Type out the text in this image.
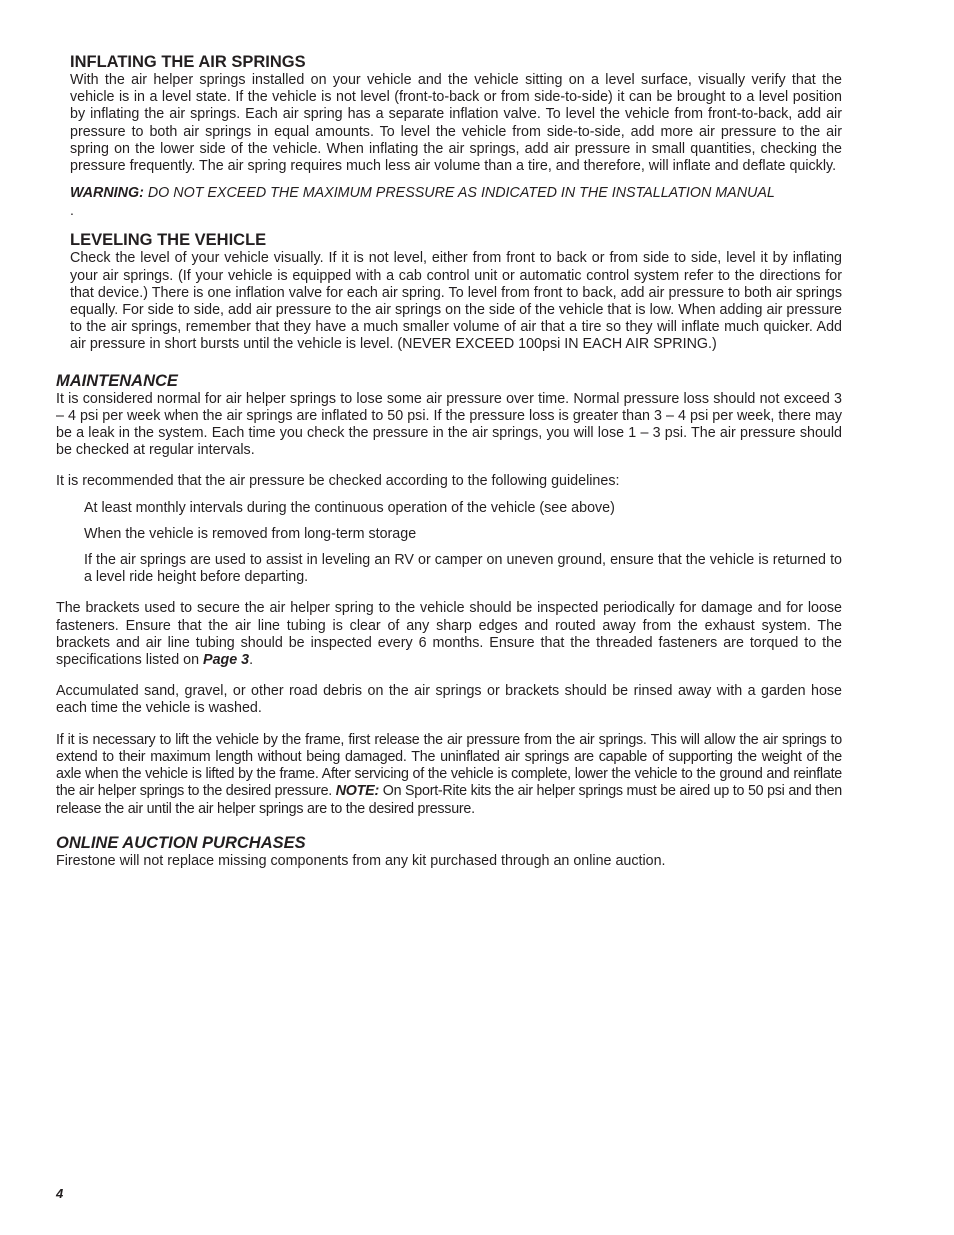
INFLATING THE AIR SPRINGS

With the air helper springs installed on your vehicle and the vehicle sitting on a level surface, visually verify that the vehicle is in a level state. If the vehicle is not level (front-to-back or from side-to-side) it can be brought to a level position by inflating the air springs. Each air spring has a separate inflation valve. To level the vehicle from front-to-back, add air pressure to both air springs in equal amounts. To level the vehicle from side-to-side, add more air pressure to the air spring on the lower side of the vehicle. When inflating the air springs, add air pressure in small quantities, checking the pressure frequently. The air spring requires much less air volume than a tire, and therefore, will inflate and deflate quickly.

WARNING: DO NOT EXCEED THE MAXIMUM PRESSURE AS INDICATED IN THE INSTALLATION MANUAL

.

LEVELING THE VEHICLE

Check the level of your vehicle visually. If it is not level, either from front to back or from side to side, level it by inflating your air springs. (If your vehicle is equipped with a cab control unit or automatic control system refer to the directions for that device.) There is one inflation valve for each air spring. To level from front to back, add air pressure to both air springs equally. For side to side, add air pressure to the air springs on the side of the vehicle that is low. When adding air pressure to the air springs, remember that they have a much smaller volume of air that a tire so they will inflate much quicker. Add air pressure in short bursts until the vehicle is level. (NEVER EXCEED 100psi IN EACH AIR SPRING.)

MAINTENANCE

It is considered normal for air helper springs to lose some air pressure over time. Normal pressure loss should not exceed 3 – 4 psi per week when the air springs are inflated to 50 psi. If the pressure loss is greater than 3 – 4 psi per week, there may be a leak in the system. Each time you check the pressure in the air springs, you will lose 1 – 3 psi. The air pressure should be checked at regular intervals.

It is recommended that the air pressure be checked according to the following guidelines:

At least monthly intervals during the continuous operation of the vehicle (see above)

When the vehicle is removed from long-term storage

If the air springs are used to assist in leveling an RV or camper on uneven ground, ensure that the vehicle is returned to a level ride height before departing.

The brackets used to secure the air helper spring to the vehicle should be inspected periodically for damage and for loose fasteners. Ensure that the air line tubing is clear of any sharp edges and routed away from the exhaust system. The brackets and air line tubing should be inspected every 6 months. Ensure that the threaded fasteners are torqued to the specifications listed on Page 3.

Accumulated sand, gravel, or other road debris on the air springs or brackets should be rinsed away with a garden hose each time the vehicle is washed.

If it is necessary to lift the vehicle by the frame, first release the air pressure from the air springs. This will allow the air springs to extend to their maximum length without being damaged. The uninflated air springs are capable of supporting the weight of the axle when the vehicle is lifted by the frame. After servicing of the vehicle is complete, lower the vehicle to the ground and reinflate the air helper springs to the desired pressure. NOTE: On Sport-Rite kits the air helper springs must be aired up to 50 psi and then release the air until the air helper springs are to the desired pressure.

ONLINE AUCTION PURCHASES

Firestone will not replace missing components from any kit purchased through an online auction.

4
